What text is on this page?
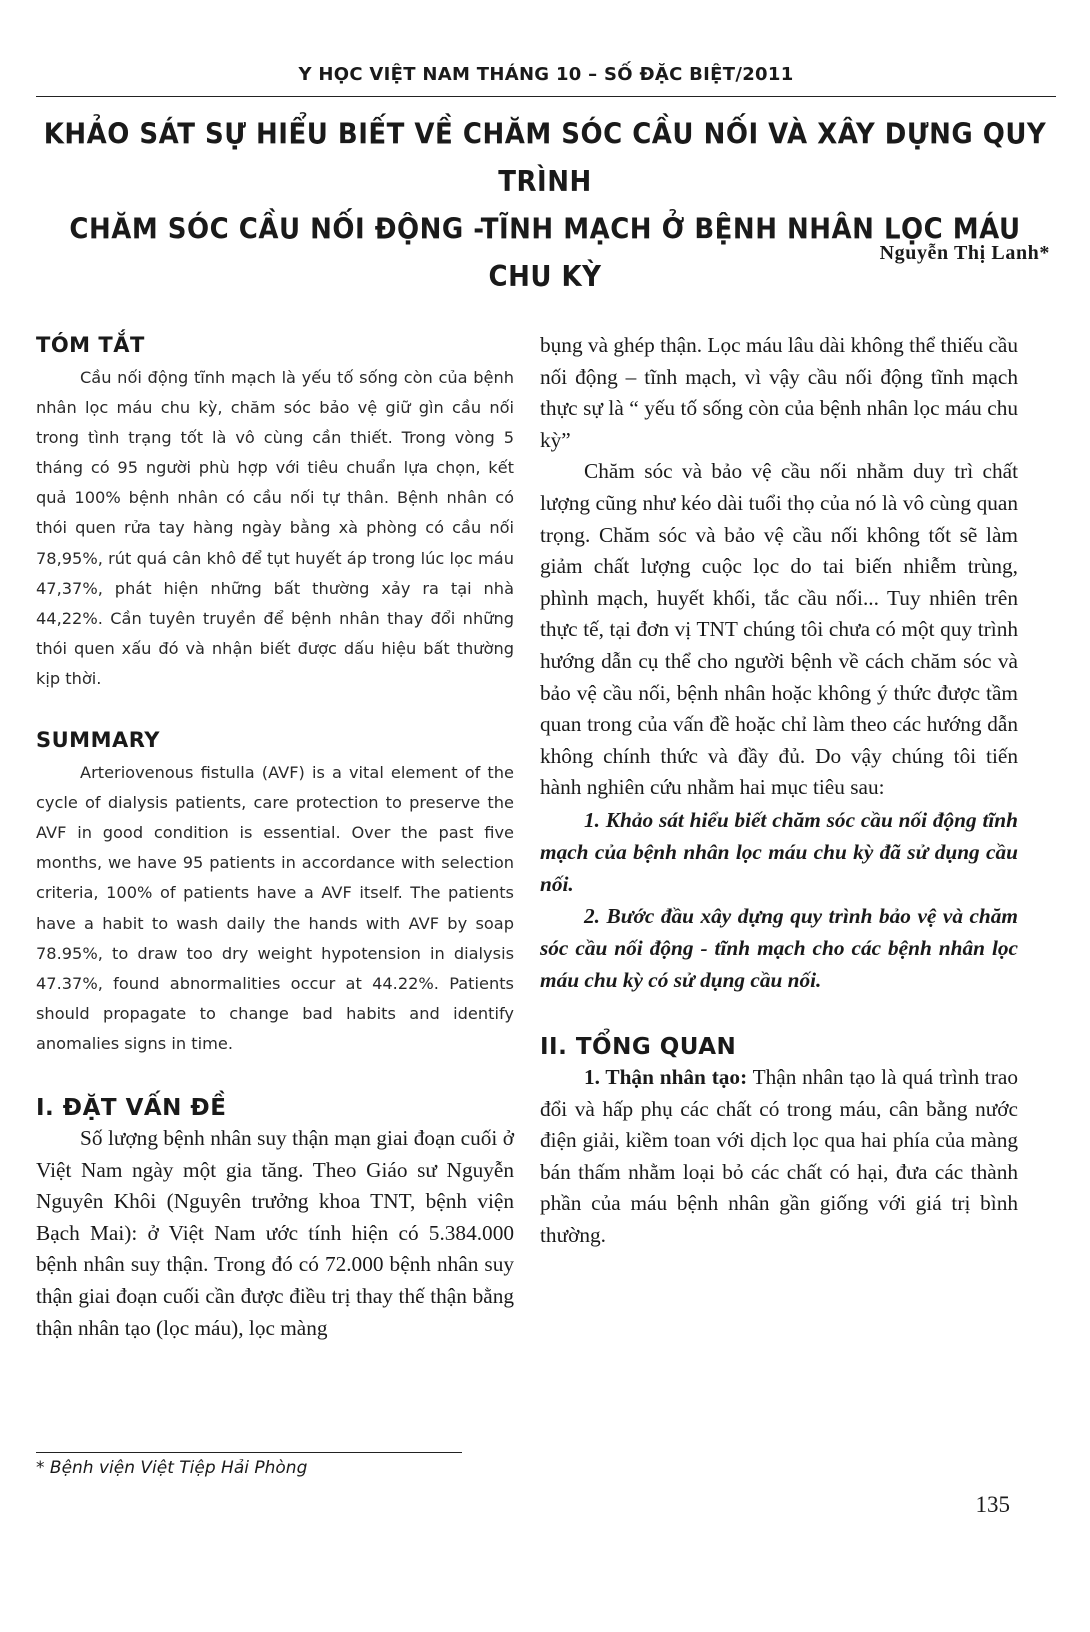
Y HỌC VIỆT NAM THÁNG 10 – SỐ ĐẶC BIỆT/2011
KHẢO SÁT SỰ HIỂU BIẾT VỀ CHĂM SÓC CẦU NỐI VÀ XÂY DỰNG QUY TRÌNH
CHĂM SÓC CẦU NỐI ĐỘNG -TĨNH MẠCH Ở BỆNH NHÂN LỌC MÁU CHU KỲ
Nguyễn Thị Lanh*
TÓM TẮT

Cầu nối động tĩnh mạch là yếu tố sống còn của bệnh nhân lọc máu chu kỳ, chăm sóc bảo vệ giữ gìn cầu nối trong tình trạng tốt là vô cùng cần thiết. Trong vòng 5 tháng có 95 người phù hợp với tiêu chuẩn lựa chọn, kết quả 100% bệnh nhân có cầu nối tự thân. Bệnh nhân có thói quen rửa tay hàng ngày bằng xà phòng có cầu nối 78,95%, rút quá cân khô để tụt huyết áp trong lúc lọc máu 47,37%, phát hiện những bất thường xảy ra tại nhà 44,22%. Cần tuyên truyền để bệnh nhân thay đổi những thói quen xấu đó và nhận biết được dấu hiệu bất thường kịp thời.

SUMMARY

Arteriovenous fistulla (AVF) is a vital element of the cycle of dialysis patients, care protection to preserve the AVF in good condition is essential. Over the past five months, we have 95 patients in accordance with selection criteria, 100% of patients have a AVF itself. The patients have a habit to wash daily the hands with AVF by soap 78.95%, to draw too dry weight hypotension in dialysis 47.37%, found abnormalities occur at 44.22%. Patients should propagate to change bad habits and identify anomalies signs in time.

I. ĐẶT VẤN ĐỀ

Số lượng bệnh nhân suy thận mạn giai đoạn cuối ở Việt Nam ngày một gia tăng. Theo Giáo sư Nguyễn Nguyên Khôi (Nguyên trưởng khoa TNT, bệnh viện Bạch Mai): ở Việt Nam ước tính hiện có 5.384.000 bệnh nhân suy thận. Trong đó có 72.000 bệnh nhân suy thận giai đoạn cuối cần được điều trị thay thế thận bằng thận nhân tạo (lọc máu), lọc màng

bụng và ghép thận. Lọc máu lâu dài không thể thiếu cầu nối động – tĩnh mạch, vì vậy cầu nối động tĩnh mạch thực sự là “ yếu tố sống còn của bệnh nhân lọc máu chu kỳ”

Chăm sóc và bảo vệ cầu nối nhằm duy trì chất lượng cũng như kéo dài tuổi thọ của nó là vô cùng quan trọng. Chăm sóc và bảo vệ cầu nối không tốt sẽ làm giảm chất lượng cuộc lọc do tai biến nhiễm trùng, phình mạch, huyết khối, tắc cầu nối... Tuy nhiên trên thực tế, tại đơn vị TNT chúng tôi chưa có một quy trình hướng dẫn cụ thể cho người bệnh về cách chăm sóc và bảo vệ cầu nối, bệnh nhân hoặc không ý thức được tầm quan trong của vấn đề hoặc chỉ làm theo các hướng dẫn không chính thức và đầy đủ. Do vậy chúng tôi tiến hành nghiên cứu nhằm hai mục tiêu sau:

1. Khảo sát hiểu biết chăm sóc cầu nối động tĩnh mạch của bệnh nhân lọc máu chu kỳ đã sử dụng cầu nối.

2. Bước đầu xây dựng quy trình bảo vệ và chăm sóc cầu nối động - tĩnh mạch cho các bệnh nhân lọc máu chu kỳ có sử dụng cầu nối.

II. TỔNG QUAN

1. Thận nhân tạo: Thận nhân tạo là quá trình trao đổi và hấp phụ các chất có trong máu, cân bằng nước điện giải, kiềm toan với dịch lọc qua hai phía của màng bán thấm nhằm loại bỏ các chất có hại, đưa các thành phần của máu bệnh nhân gần giống với giá trị bình thường.

* Bệnh viện Việt Tiệp Hải Phòng
135
